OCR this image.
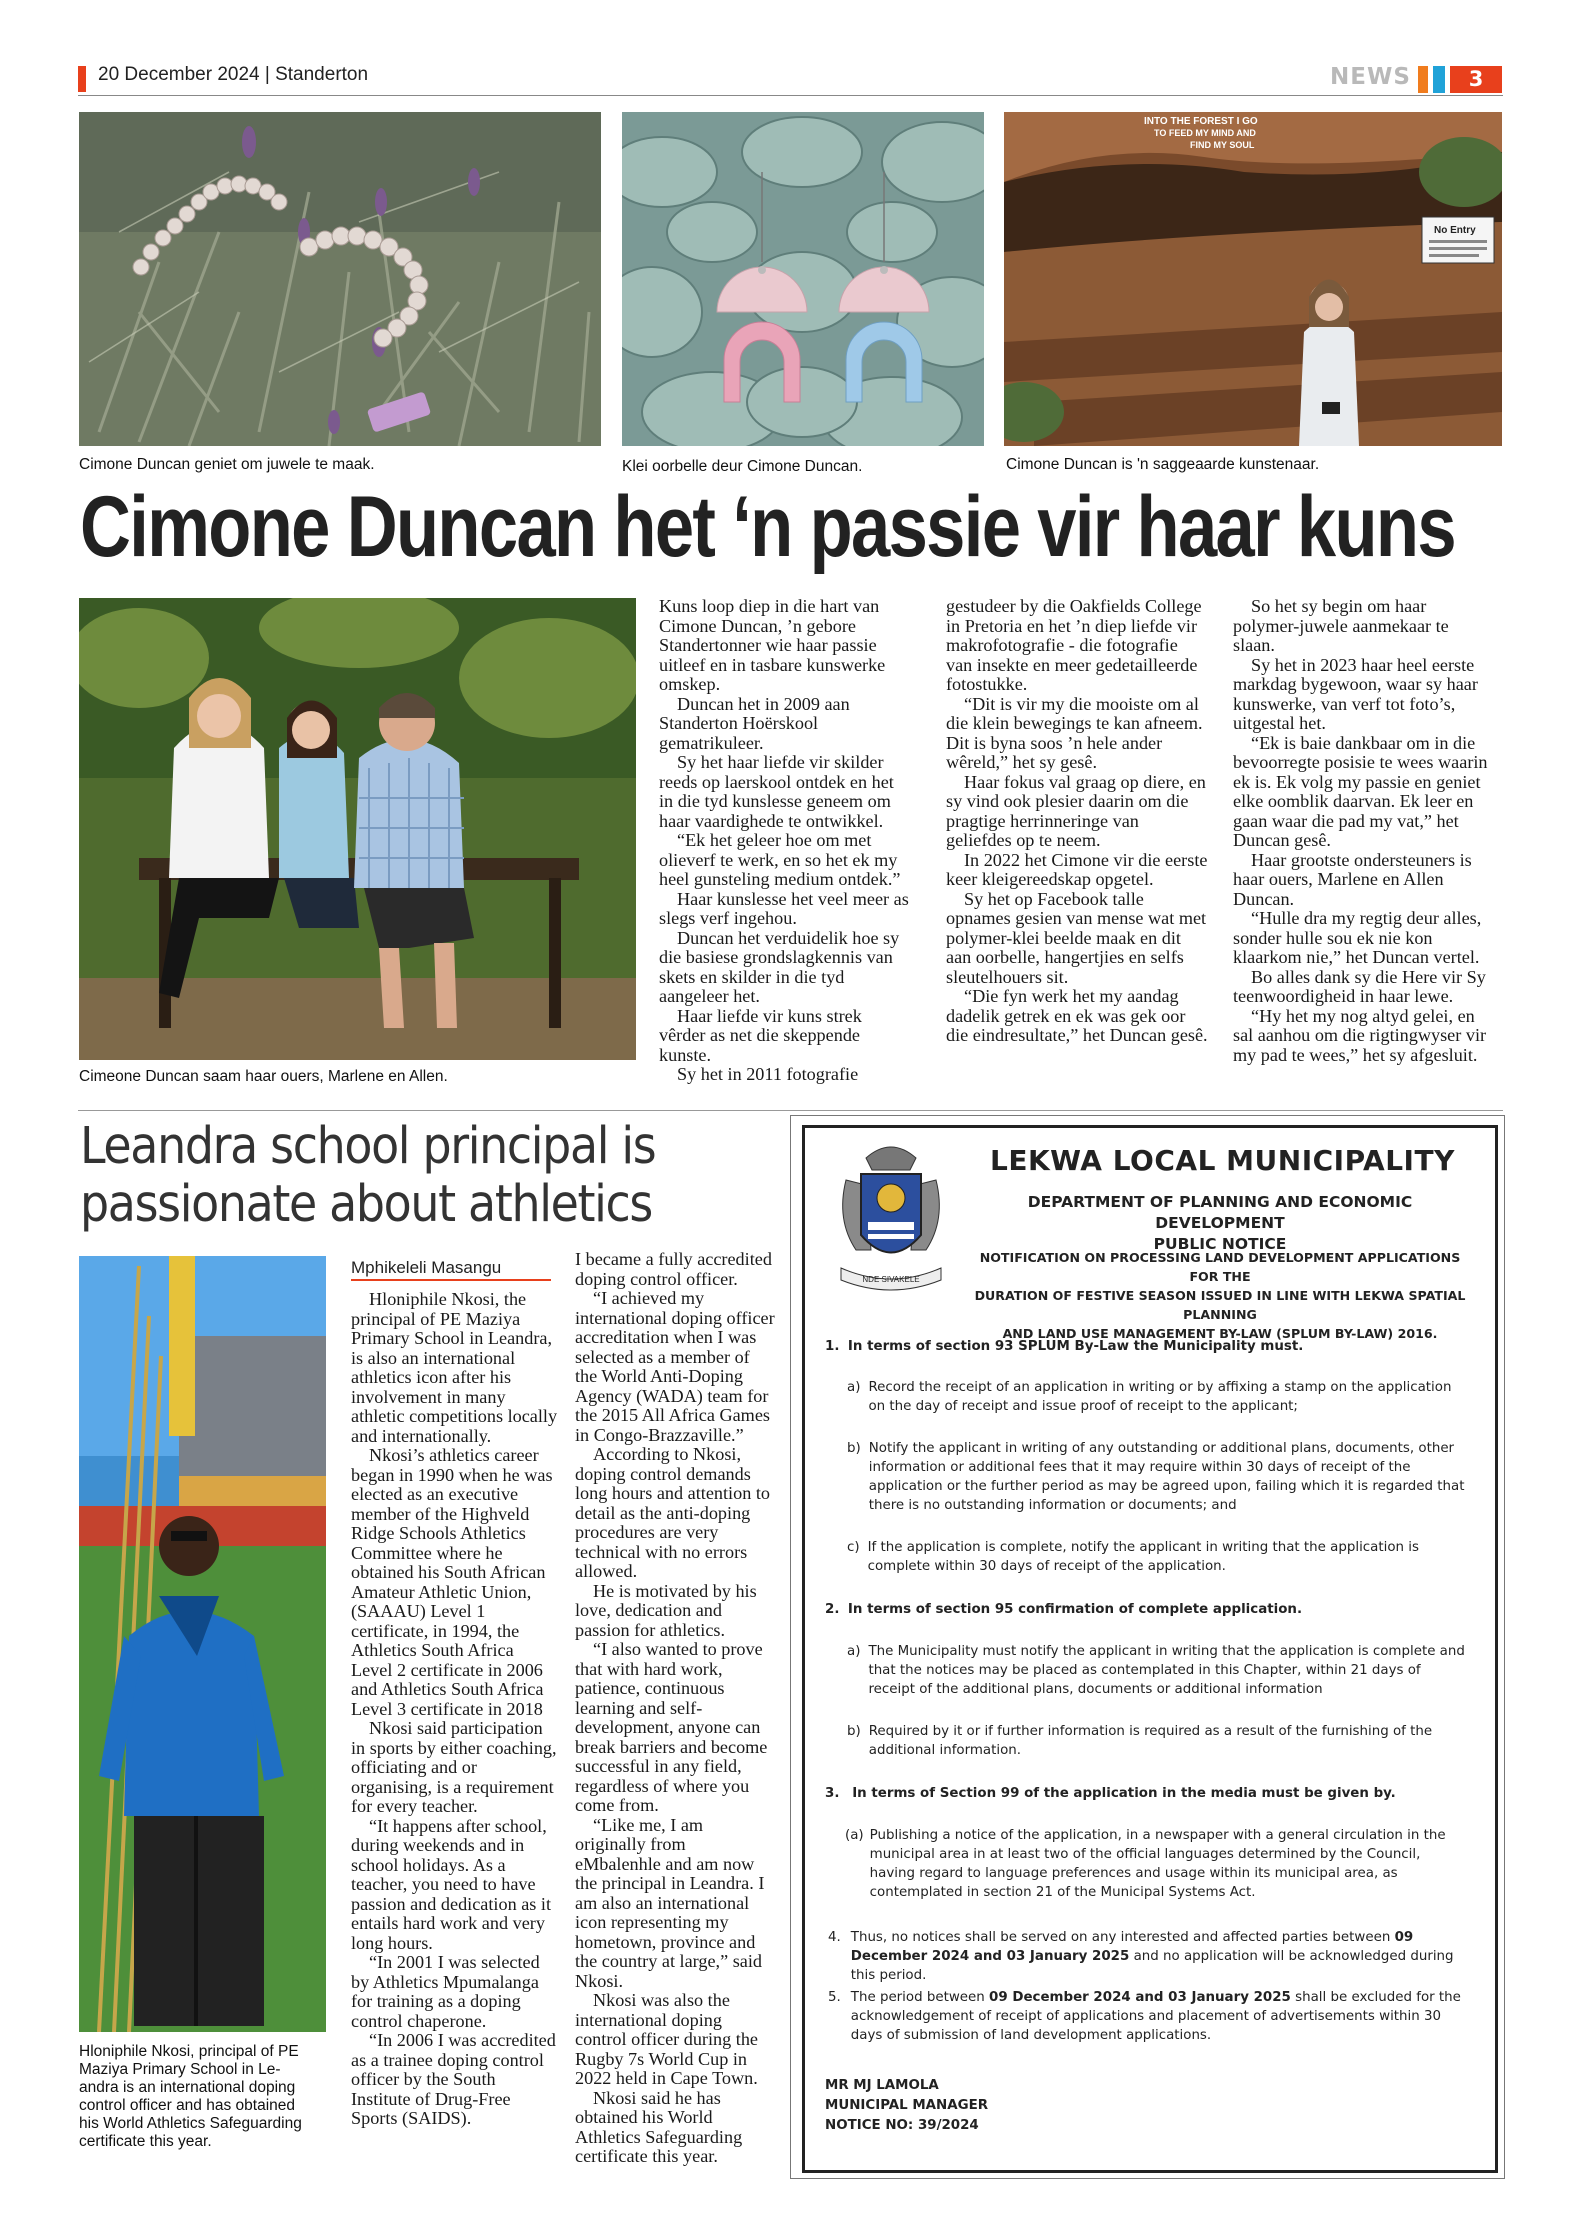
20 December 2024 | Standerton	NEWS	3
Cimone Duncan geniet om juwele te maak.	Klei oorbelle deur Cimone Duncan.
INTO THE FOREST I GO
TO FEED MY MIND AND
FIND MY SOUL
No Entry
Cimone Duncan is 'n saggeaarde kunstenaar.
Cimone Duncan het ‘n passie vir haar kuns
Cimeone Duncan saam haar ouers, Marlene en Allen.

Kuns loop diep in die hart van Cimone Duncan, ’n gebore Standertonner wie haar passie uitleef en in tasbare kunswerke omskep.

Duncan het in 2009 aan Standerton Hoërskool gematrikuleer.

Sy het haar liefde vir skilder reeds op laerskool ontdek en het in die tyd kunslesse geneem om haar vaardighede te ontwikkel.

“Ek het geleer hoe om met olieverf te werk, en so het ek my heel gunsteling medium ontdek.”

Haar kunslesse het veel meer as slegs verf ingehou.

Duncan het verduidelik hoe sy die basiese grondslagkennis van skets en skilder in die tyd aangeleer het.

Haar liefde vir kuns strek vêrder as net die skeppende kunste.

Sy het in 2011 fotografie

gestudeer by die Oakfields College in Pretoria en het ’n diep liefde vir makrofotografie - die fotografie van insekte en meer gedetailleerde fotostukke.

“Dit is vir my die mooiste om al die klein bewegings te kan afneem. Dit is byna soos ’n hele ander wêreld,” het sy gesê.

Haar fokus val graag op diere, en sy vind ook plesier daarin om die pragtige herrinneringe van geliefdes op te neem.

In 2022 het Cimone vir die eerste keer kleigereedskap opgetel.

Sy het op Facebook talle opnames gesien van mense wat met polymer-klei beelde maak en dit aan oorbelle, hangertjies en selfs sleutelhouers sit.

“Die fyn werk het my aandag dadelik getrek en ek was gek oor die eindresultate,” het Duncan gesê.

So het sy begin om haar polymer-juwele aanmekaar te slaan.

Sy het in 2023 haar heel eerste markdag bygewoon, waar sy haar kunswerke, van verf tot foto’s, uitgestal het.

“Ek is baie dankbaar om in die bevoorregte posisie te wees waarin ek is. Ek volg my passie en geniet elke oomblik daarvan. Ek leer en gaan waar die pad my vat,” het Duncan gesê.

Haar grootste ondersteuners is haar ouers, Marlene en Allen Duncan.

“Hulle dra my regtig deur alles, sonder hulle sou ek nie kon klaarkom nie,” het Duncan vertel.

Bo alles dank sy die Here vir Sy teenwoordigheid in haar lewe.

“Hy het my nog altyd gelei, en sal aanhou om die rigtingwyser vir my pad te wees,” het sy afgesluit.

Leandra school principal is passionate about athletics
Mphikeleli Masangu
Hloniphile Nkosi, principal of PE
Maziya Primary School in Le-
andra is an international doping
control officer and has obtained
his World Athletics Safeguarding
certificate this year.

Hloniphile Nkosi, the principal of PE Maziya Primary School in Leandra, is also an international athletics icon after his involvement in many athletic competitions locally and internationally.

Nkosi’s athletics career began in 1990 when he was elected as an executive member of the Highveld Ridge Schools Athletics Committee where he obtained his South African Amateur Athletic Union, (SAAAU) Level 1 certificate, in 1994, the Athletics South Africa Level 2 certificate in 2006 and Athletics South Africa Level 3 certificate in 2018

Nkosi said participation in sports by either coaching, officiating and or organising, is a requirement for every teacher.

“It happens after school, during weekends and in school holidays. As a teacher, you need to have passion and dedication as it entails hard work and very long hours.

“In 2001 I was selected by Athletics Mpumalanga for training as a doping control chaperone.

“In 2006 I was accredited as a trainee doping control officer by the South Institute of Drug-Free Sports (SAIDS).

I became a fully accredited doping control officer.

“I achieved my international doping officer accreditation when I was selected as a member of the World Anti-Doping Agency (WADA) team for the 2015 All Africa Games in Congo-Brazzaville.”

According to Nkosi, doping control demands long hours and attention to detail as the anti-doping procedures are very technical with no errors allowed.

He is motivated by his love, dedication and passion for athletics.

“I also wanted to prove that with hard work, patience, continuous learning and self-development, anyone can break barriers and become successful in any field, regardless of where you come from.

“Like me, I am originally from eMbalenhle and am now the principal in Leandra. I am also an international icon representing my hometown, province and the country at large,” said Nkosi.

Nkosi was also the international doping control officer during the Rugby 7s World Cup in 2022 held in Cape Town.

Nkosi said he has obtained his World Athletics Safeguarding certificate this year.

NDE SIVAKELE
LEKWA LOCAL MUNICIPALITY
DEPARTMENT OF PLANNING AND ECONOMIC DEVELOPMENT
PUBLIC NOTICE
NOTIFICATION ON PROCESSING LAND DEVELOPMENT APPLICATIONS FOR THE
DURATION OF FESTIVE SEASON ISSUED IN LINE WITH LEKWA SPATIAL PLANNING
AND LAND USE MANAGEMENT BY-LAW (SPLUM BY-LAW) 2016.
1. In terms of section 93 SPLUM By-Law the Municipality must.
a) Record the receipt of an application in writing or by affixing a stamp on the application on the day of receipt and issue proof of receipt to the applicant;
b) Notify the applicant in writing of any outstanding or additional plans, documents, other information or additional fees that it may require within 30 days of receipt of the application or the further period as may be agreed upon, failing which it is regarded that there is no outstanding information or documents; and
c) If the application is complete, notify the applicant in writing that the application is complete within 30 days of receipt of the application.
2. In terms of section 95 confirmation of complete application.
a) The Municipality must notify the applicant in writing that the application is complete and that the notices may be placed as contemplated in this Chapter, within 21 days of receipt of the additional plans, documents or additional information
b) Required by it or if further information is required as a result of the furnishing of the additional information.
3. In terms of Section 99 of the application in the media must be given by.
(a) Publishing a notice of the application, in a newspaper with a general circulation in the municipal area in at least two of the official languages determined by the Council, having regard to language preferences and usage within its municipal area, as contemplated in section 21 of the Municipal Systems Act.
4. Thus, no notices shall be served on any interested and affected parties between 09 December 2024 and 03 January 2025 and no application will be acknowledged during this period.
5. The period between 09 December 2024 and 03 January 2025 shall be excluded for the acknowledgement of receipt of applications and placement of advertisements within 30 days of submission of land development applications.
MR MJ LAMOLA
MUNICIPAL MANAGER
NOTICE NO: 39/2024
